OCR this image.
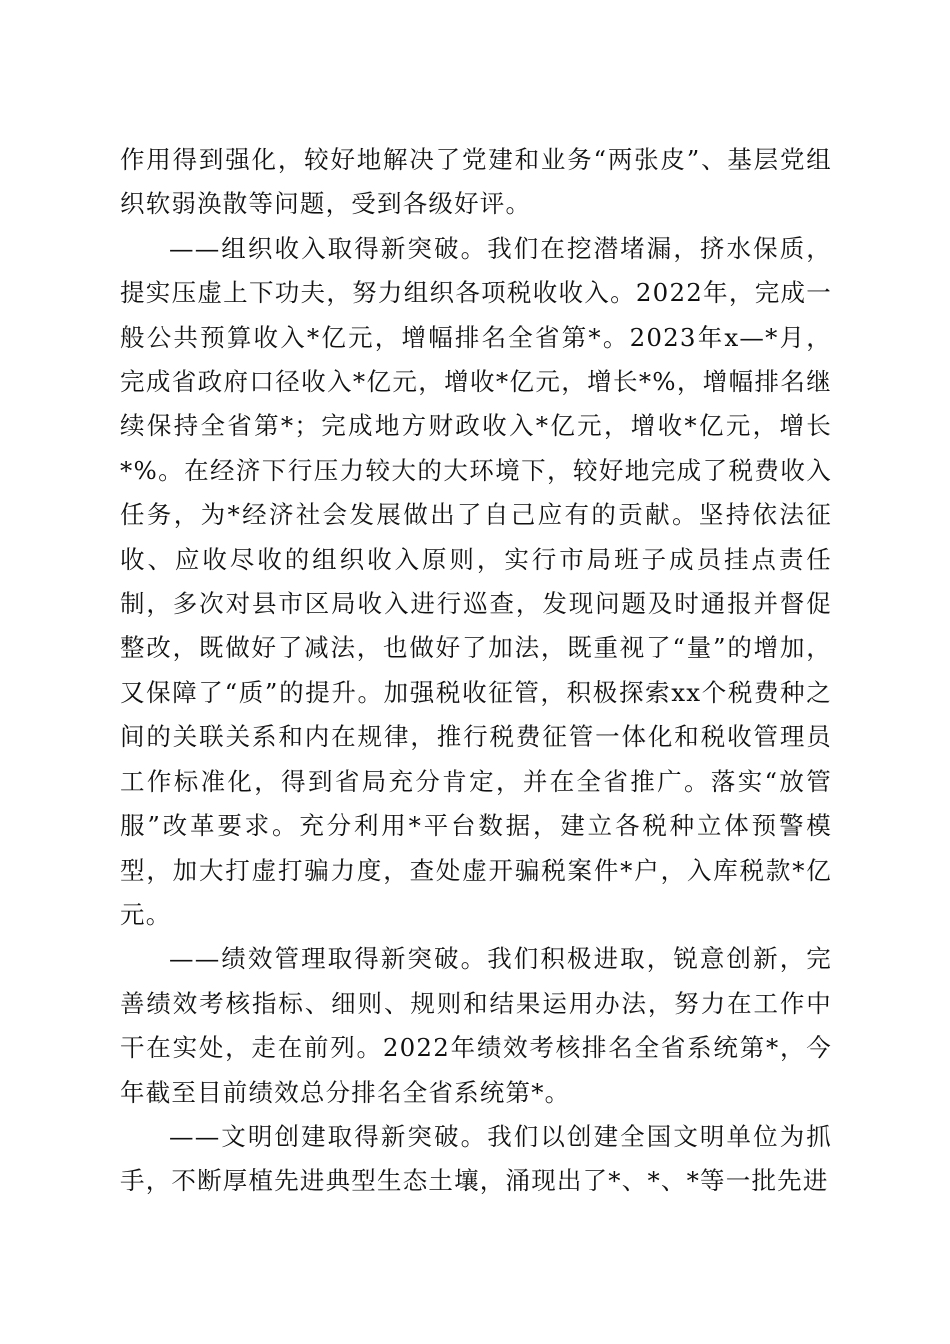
作用得到强化，较好地解决了党建和业务“两张皮”、基层党组织软弱涣散等问题，受到各级好评。

——组织收入取得新突破。我们在挖潜堵漏，挤水保质，提实压虚上下功夫，努力组织各项税收收入。2022年，完成一般公共预算收入*亿元，增幅排名全省第*。2023年x—*月，完成省政府口径收入*亿元，增收*亿元，增长*%，增幅排名继续保持全省第*；完成地方财政收入*亿元，增收*亿元，增长*%。在经济下行压力较大的大环境下，较好地完成了税费收入任务，为*经济社会发展做出了自己应有的贡献。坚持依法征收、应收尽收的组织收入原则，实行市局班子成员挂点责任制，多次对县市区局收入进行巡查，发现问题及时通报并督促整改，既做好了减法，也做好了加法，既重视了“量”的增加，又保障了“质”的提升。加强税收征管，积极探索xx个税费种之间的关联关系和内在规律，推行税费征管一体化和税收管理员工作标准化，得到省局充分肯定，并在全省推广。落实“放管服”改革要求。充分利用*平台数据，建立各税种立体预警模型，加大打虚打骗力度，查处虚开骗税案件*户，入库税款*亿元。

——绩效管理取得新突破。我们积极进取，锐意创新，完善绩效考核指标、细则、规则和结果运用办法，努力在工作中干在实处，走在前列。2022年绩效考核排名全省系统第*，今年截至目前绩效总分排名全省系统第*。

——文明创建取得新突破。我们以创建全国文明单位为抓手，不断厚植先进典型生态土壤，涌现出了*、*、*等一批先进
